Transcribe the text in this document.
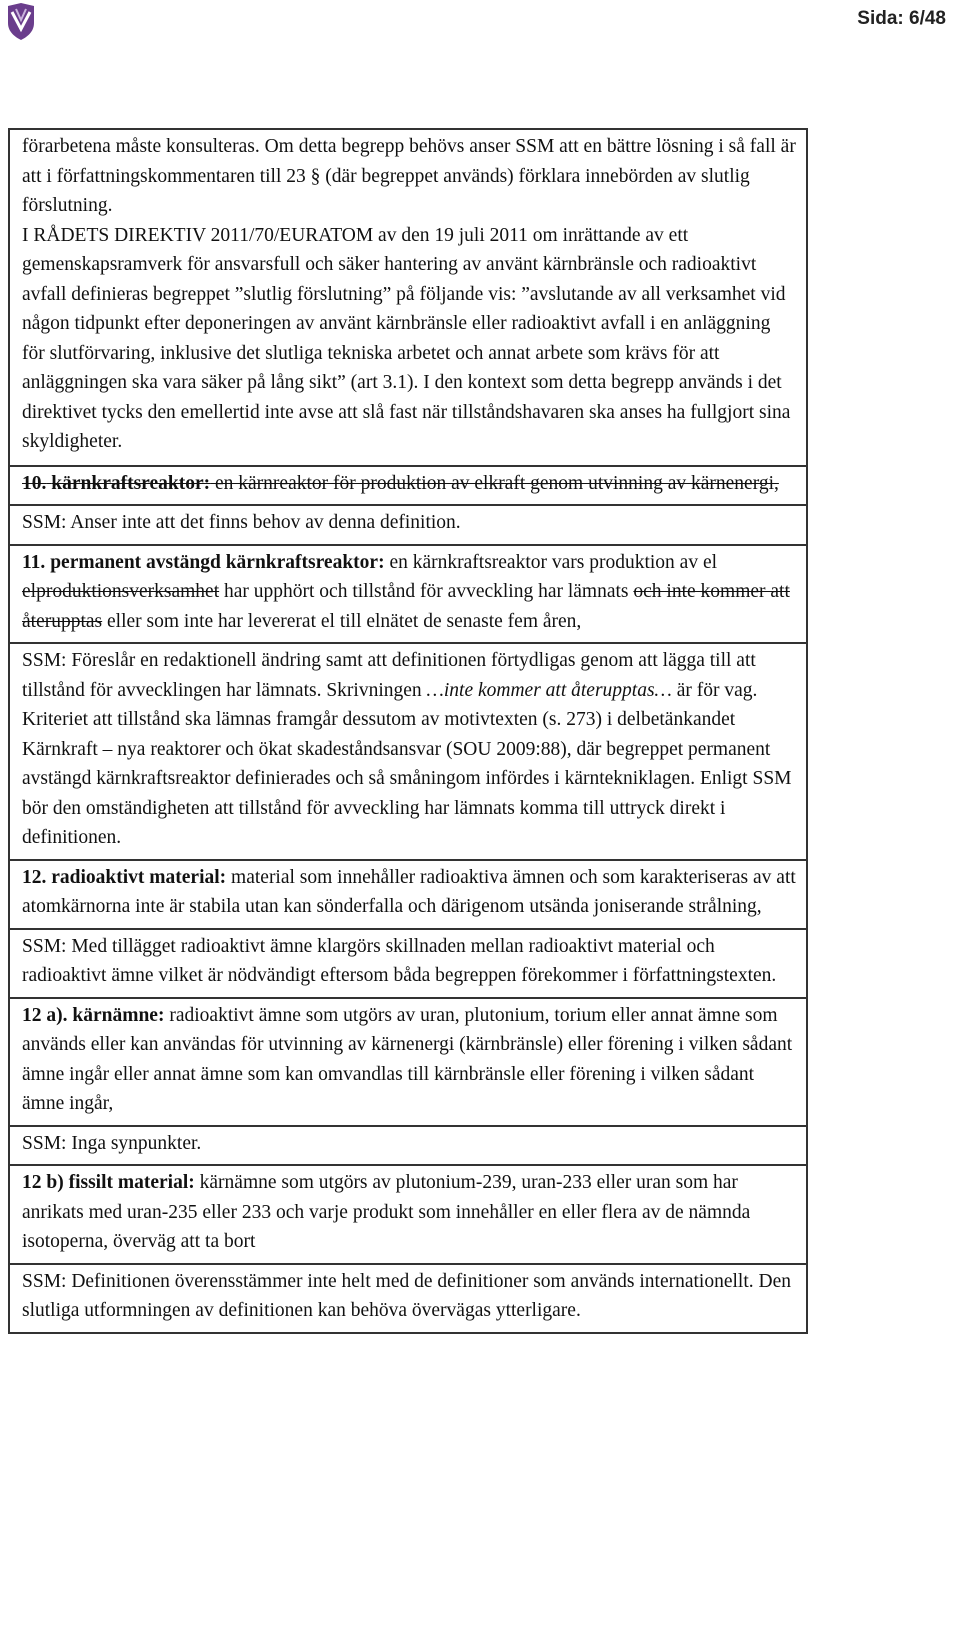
Sida: 6/48

förarbetena måste konsulteras. Om detta begrepp behövs anser SSM att en bättre lösning i så fall är att i författningskommentaren till 23 § (där begreppet används) förklara innebörden av slutlig förslutning.

I RÅDETS DIREKTIV 2011/70/EURATOM av den 19 juli 2011 om inrättande av ett gemenskapsramverk för ansvarsfull och säker hantering av använt kärnbränsle och radioaktivt avfall definieras begreppet ”slutlig förslutning” på följande vis: ”avslutande av all verksamhet vid någon tidpunkt efter deponeringen av använt kärnbränsle eller radioaktivt avfall i en anläggning för slutförvaring, inklusive det slutliga tekniska arbetet och annat arbete som krävs för att anläggningen ska vara säker på lång sikt” (art 3.1). I den kontext som detta begrepp används i det direktivet tycks den emellertid inte avse att slå fast när tillståndshavaren ska anses ha fullgjort sina skyldigheter.

10. kärnkraftsreaktor: en kärnreaktor för produktion av elkraft genom utvinning av kärnenergi,
SSM: Anser inte att det finns behov av denna definition.
11. permanent avstängd kärnkraftsreaktor: en kärnkraftsreaktor vars produktion av el elproduktionsverksamhet har upphört och tillstånd för avveckling har lämnats och inte kommer att återupptas eller som inte har levererat el till elnätet de senaste fem åren,
SSM: Föreslår en redaktionell ändring samt att definitionen förtydligas genom att lägga till att tillstånd för avvecklingen har lämnats. Skrivningen …inte kommer att återupptas… är för vag. Kriteriet att tillstånd ska lämnas framgår dessutom av motivtexten (s. 273) i delbetänkandet Kärnkraft – nya reaktorer och ökat skadeståndsansvar (SOU 2009:88), där begreppet permanent avstängd kärnkraftsreaktor definierades och så småningom infördes i kärntekniklagen. Enligt SSM bör den omständigheten att tillstånd för avveckling har lämnats komma till uttryck direkt i definitionen.
12. radioaktivt material: material som innehåller radioaktiva ämnen och som karakteriseras av att atomkärnorna inte är stabila utan kan sönderfalla och därigenom utsända joniserande strålning,
SSM: Med tillägget radioaktivt ämne klargörs skillnaden mellan radioaktivt material och radioaktivt ämne vilket är nödvändigt eftersom båda begreppen förekommer i författningstexten.
12 a). kärnämne: radioaktivt ämne som utgörs av uran, plutonium, torium eller annat ämne som används eller kan användas för utvinning av kärnenergi (kärnbränsle) eller förening i vilken sådant ämne ingår eller annat ämne som kan omvandlas till kärnbränsle eller förening i vilken sådant ämne ingår,
SSM: Inga synpunkter.
12 b) fissilt material: kärnämne som utgörs av plutonium-239, uran-233 eller uran som har anrikats med uran-235 eller 233 och varje produkt som innehåller en eller flera av de nämnda isotoperna, överväg att ta bort
SSM: Definitionen överensstämmer inte helt med de definitioner som används internationellt. Den slutliga utformningen av definitionen kan behöva övervägas ytterligare.
